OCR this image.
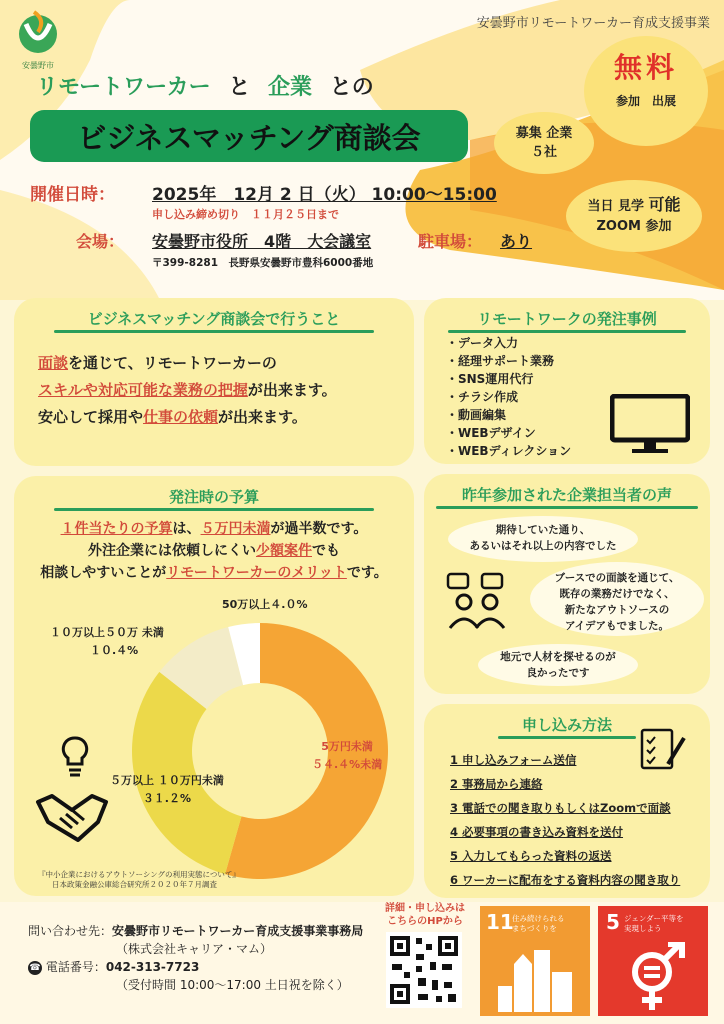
安曇野市
安曇野市リモートワーカー育成支援事業
リモートワーカー と 企業 との
ビジネスマッチング商談会
開催日時： 2025年　12月 2 日（火） 10:00～15:00
申し込み締め切り　１１月２５日まで
会場： 安曇野市役所　4階　大会議室	駐車場： あり
〒399-8281　長野県安曇野市豊科6000番地
無料
参加　出展
募集 企業
５社
当日 見学 可能
ZOOM 参加
ビジネスマッチング商談会で行うこと
面談を通じて、リモートワーカーの
スキルや対応可能な業務の把握が出来ます。
安心して採用や仕事の依頼が出来ます。
リモートワークの発注事例
・データ入力
・経理サポート業務
・SNS運用代行
・チラシ作成
・動画編集
・WEBデザイン
・WEBディレクション
発注時の予算
１件当たりの予算は、５万円未満が過半数です。
外注企業には依頼しにくい少額案件でも
相談しやすいことがリモートワーカーのメリットです。
50万以上４.０%
１０万以上５０万 未満
１０.４%
５万以上 １０万円未満
３１.２%
5万円未満
５４.４%未満
『中小企業におけるアウトソーシングの利用実態について』
日本政策金融公庫総合研究所２０２０年７月調査
昨年参加された企業担当者の声
期待していた通り、
あるいはそれ以上の内容でした
ブースでの面談を通じて、
既存の業務だけでなく、
新たなアウトソースの
アイデアもでました。
地元で人材を探せるのが
良かったです
申し込み方法
1 申し込みフォーム送信
2 事務局から連絡
3 電話での聞き取りもしくはZoomで面談
4 必要事項の書き込み資料を送付
5 入力してもらった資料の返送
6 ワーカーに配布をする資料内容の聞き取り
問い合わせ先：安曇野市リモートワーカー育成支援事業事務局
（株式会社キャリア・マム）
☎ 電話番号：042-313-7723
（受付時間 10:00～17:00 土日祝を除く）
詳細・申し込みは
こちらのHPから	11
住み続けられる
まちづくりを	5 ジェンダー平等を
実現しよう
